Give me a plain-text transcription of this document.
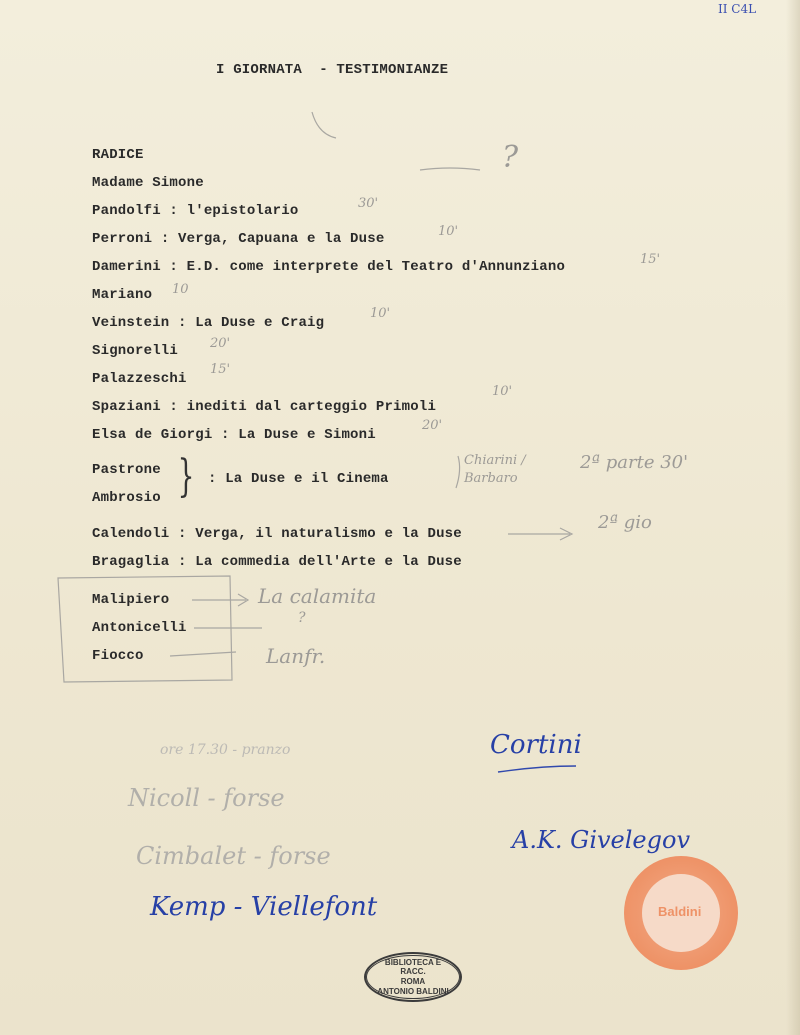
II C4L
I GIORNATA  - TESTIMONIANZE
RADICE
Madame Simone
Pandolfi : l'epistolario
Perroni : Verga, Capuana e la Duse
Damerini : E.D. come interprete del Teatro d'Annunziano
Mariano
Veinstein : La Duse e Craig
Signorelli
Palazzeschi
Spaziani : inediti dal carteggio Primoli
Elsa de Giorgi : La Duse e Simoni
Pastrone
Ambrosio } : La Duse e il Cinema
Calendoli : Verga, il naturalismo e la Duse
Bragaglia : La commedia dell'Arte e la Duse
Malipiero
Antonicelli
Fiocco
30'
10'
15'
10
10'
20'
15'
10'
20'
?
Chiarini / Barbaro
2ª parte 30'
2ª gio
La calamita
?
Lanfr.
ore 17.30 - pranzo
Nicoll - forse
Cimbalet - forse
Cortini
A.K. Givelegov
Kemp - Viellefont	Baldini
BIBLIOTECA E RACC.
ROMA
ANTONIO BALDINI
